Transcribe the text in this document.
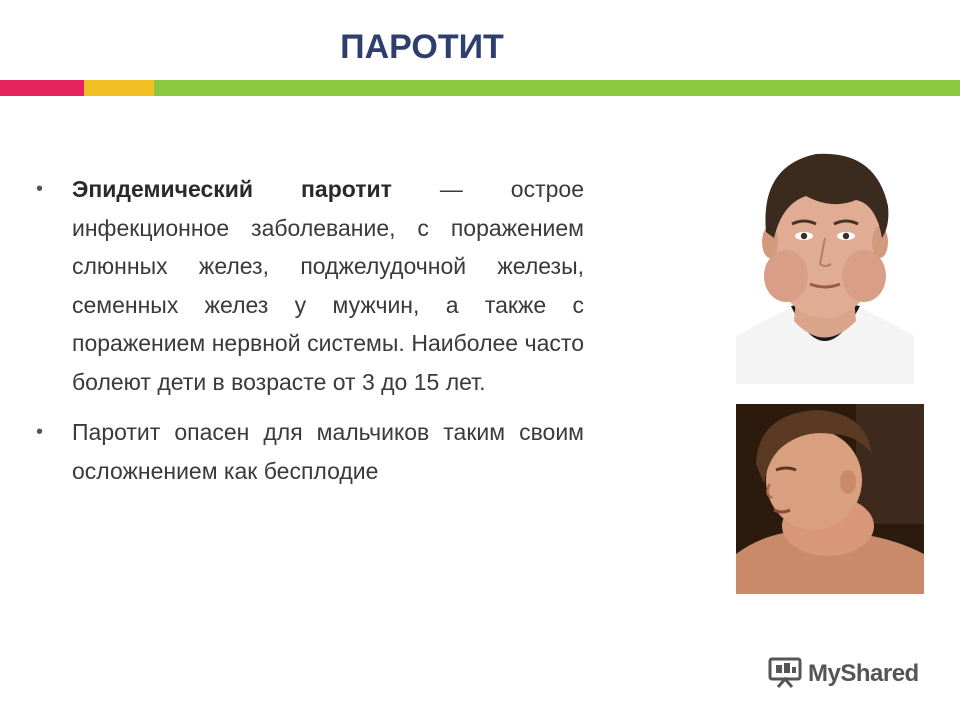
ПАРОТИТ

• Эпидемический паротит — острое инфекционное заболевание, с поражением слюнных желез, поджелудочной железы, семенных желез у мужчин, а также с поражением нервной системы. Наиболее часто болеют дети в возрасте от 3 до 15 лет.

• Паротит опасен для мальчиков таким своим осложнением как бесплодие

MyShared
